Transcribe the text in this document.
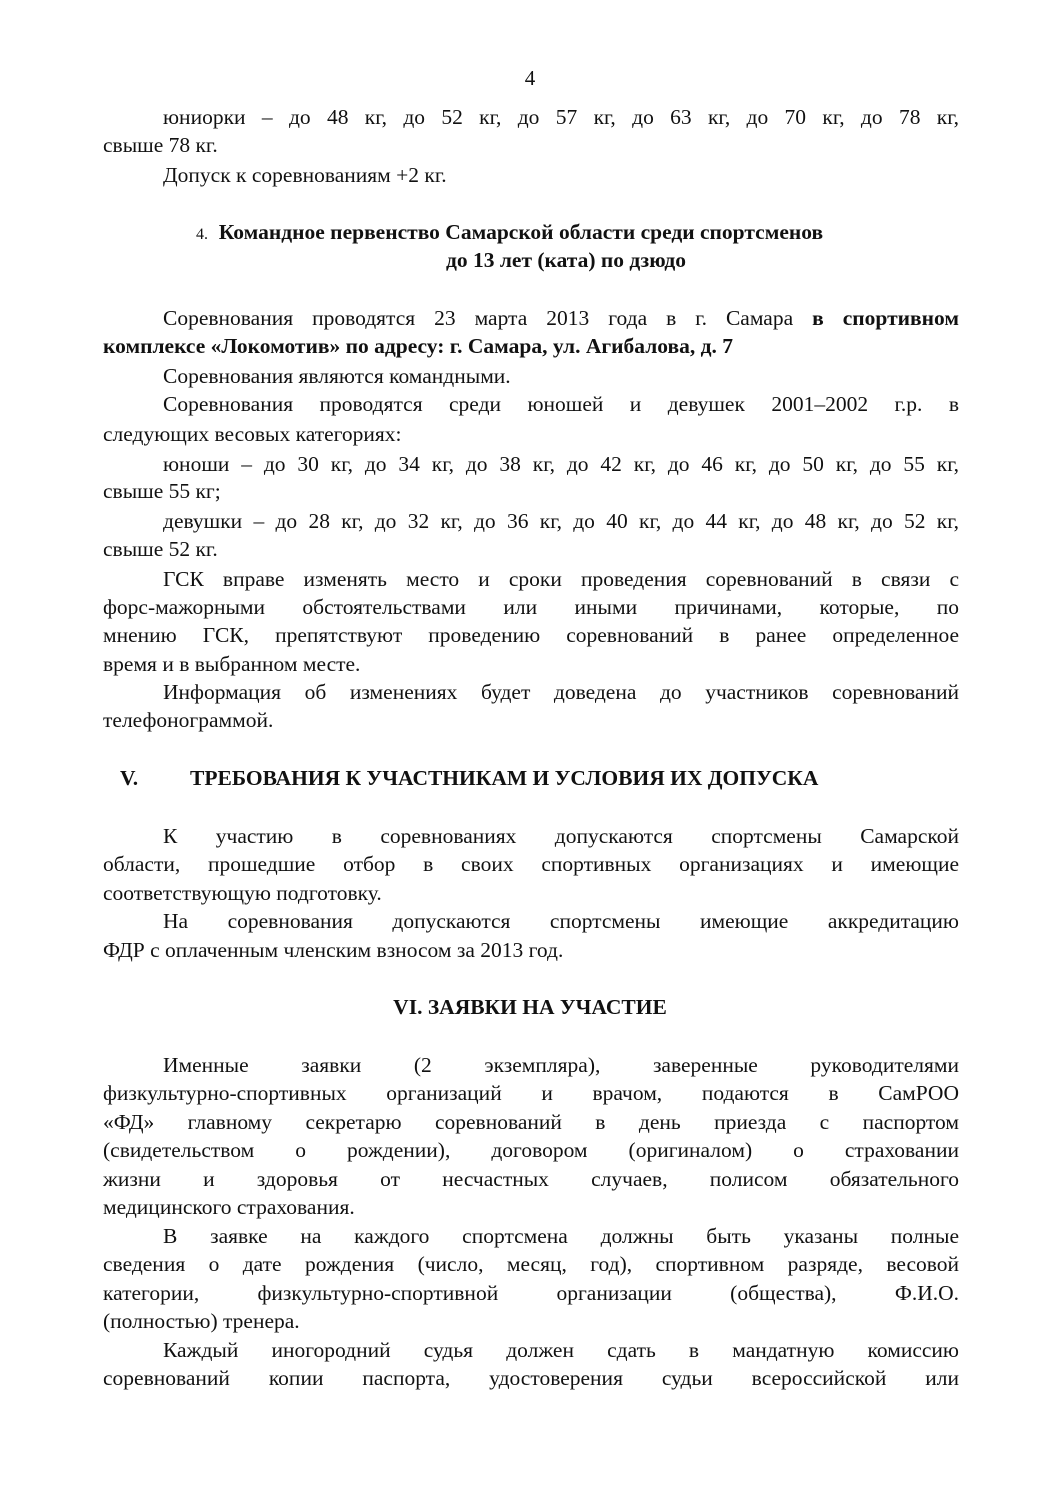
4
юниорки – до 48 кг, до 52 кг, до 57 кг, до 63 кг, до 70 кг, до 78 кг,
свыше 78 кг.
Допуск к соревнованиям +2 кг.
4. Командное первенство Самарской области среди спортсменов
до 13 лет (ката) по дзюдо
Соревнования проводятся 23 марта 2013 года в г. Самара в спортивном
комплексе «Локомотив» по адресу: г. Самара, ул. Агибалова, д. 7
Соревнования являются командными.
Соревнования проводятся среди юношей и девушек 2001–2002 г.р. в
следующих весовых категориях:
юноши – до 30 кг, до 34 кг, до 38 кг, до 42 кг, до 46 кг, до 50 кг, до 55 кг,
свыше 55 кг;
девушки – до 28 кг, до 32 кг, до 36 кг, до 40 кг, до 44 кг, до 48 кг, до 52 кг,
свыше 52 кг.
ГСК вправе изменять место и сроки проведения соревнований в связи с
форс-мажорными обстоятельствами или иными причинами, которые, по
мнению ГСК, препятствуют проведению соревнований в ранее определенное
время и в выбранном месте.
Информация об изменениях будет доведена до участников соревнований
телефонограммой.
V. ТРЕБОВАНИЯ К УЧАСТНИКАМ И УСЛОВИЯ ИХ ДОПУСКА
К участию в соревнованиях допускаются спортсмены Самарской
области, прошедшие отбор в своих спортивных организациях и имеющие
соответствующую подготовку.
На соревнования допускаются спортсмены имеющие аккредитацию
ФДР с оплаченным членским взносом за 2013 год.
VI. ЗАЯВКИ НА УЧАСТИЕ
Именные заявки (2 экземпляра), заверенные руководителями
физкультурно-спортивных организаций и врачом, подаются в СамРОО
«ФД» главному секретарю соревнований в день приезда с паспортом
(свидетельством о рождении), договором (оригиналом) о страховании
жизни и здоровья от несчастных случаев, полисом обязательного
медицинского страхования.
В заявке на каждого спортсмена должны быть указаны полные
сведения о дате рождения (число, месяц, год), спортивном разряде, весовой
категории, физкультурно-спортивной организации (общества), Ф.И.О.
(полностью) тренера.
Каждый иногородний судья должен сдать в мандатную комиссию
соревнований копии паспорта, удостоверения судьи всероссийской или
